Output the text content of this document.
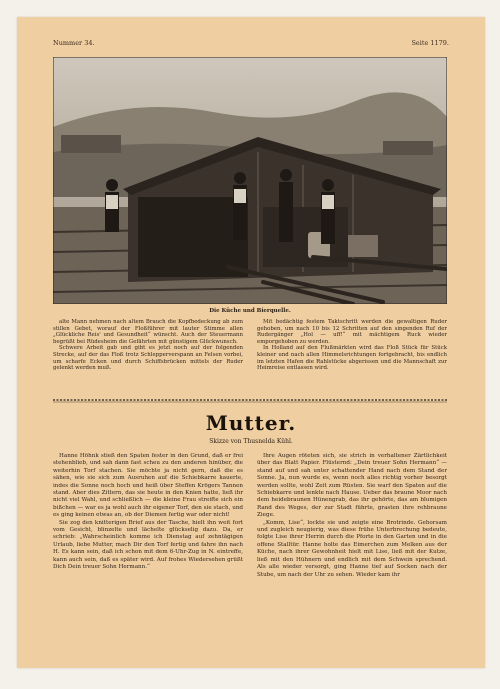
Nummer 34.	Seite 1179.
Die Küche und Bierquelle.

alte Mann nehmen nach altem Brauch die Kopfbedeckung ab zum stillen Gebet, worauf der Floßführer mit lauter Stimme allen „Glückliche Reis' und Gesundheit“ wünscht. Auch der Steuermann begrüßt bei Rüdesheim die Gefährten mit günstigem Glückwunsch.

Schwere Arbeit gab und gibt es jetzt noch auf der folgenden Strecke, auf der das Floß trotz Schlepperverspann an Felsen vorbei, um scharfe Ecken und durch Schiffsbrücken mittels der Ruder gelenkt werden muß.

Mit bedächtig festem Taktschritt werden die gewaltigen Ruder gehoben, um nach 10 bis 12 Schritten auf den singenden Ruf der Rudergänger „Hol — uff!“ mit mächtigem Ruck wieder emporgehoben zu werden.

In Holland auf den Flußmärkten wird das Floß Stück für Stück kleiner und nach allen Himmelsrichtungen fortgebracht, bis endlich im letzten Hafen die Rahlstücke abgerissen und die Mannschaft zur Heimreise entlassen wird.

Mutter.
Skizze von Thusnelda Kühl.

Hanne Höhnk stieß den Spaten fester in den Grund, daß er frei stehenblieb, und sah dann fast scheu zu den anderen hinüber, die weiterhin Torf stachen. Sie möchte ja nicht gern, daß die es sähen, wie sie sich zum Ausruhen auf die Schiebkarre kauerte, indes die Sonne noch hoch und heiß über Steffen Krögers Tannen stand. Aber dies Zittern, das sie heute in den Knien hatte, ließ ihr nicht viel Wahl, und schließlich — die kleine Frau streifte sich ein bißchen — war es ja wohl auch ihr eigener Torf, den sie stach, und es ging keinen etwas an, ob der Diemen fertig war oder nicht!

Sie zog den knitterigen Brief aus der Tasche, hielt ihn weit fort vom Gesicht, blinzelte und lächelte glückselig dazu. Da, er schrieb: „Wahrscheinlich komme ich Dienstag auf zehntägigen Urlaub, liebe Mutter, mach Dir den Torf fertig und fahre ihn nach H. Es kann sein, daß ich schon mit dem 6-Uhr-Zug in N. eintreffe, kann auch sein, daß es später wird. Auf frohes Wiedersehen grüßt Dich Dein treuer Sohn Hermann.“

Ihre Augen röteten sich, sie strich in verhaltener Zärtlichkeit über das Blatt Papier. Flüsternd: „Dein treuer Sohn Hermann“ — stand auf und sah unter schattender Hand nach dem Stand der Sonne. Ja, nun wurde es, wenn noch alles richtig vorher besorgt werden sollte, wohl Zeit zum Rüsten. Sie warf den Spaten auf die Schiebkarre und lenkte nach Hause. Ueber das braune Moor nach dem heidebraunen Hünengrab, das ihr gehörte, das am blumigen Rand des Weges, der zur Stadt führte, grasten ihre rehbraune Ziege.

„Komm, Lise“, lockte sie und zeigte eine Brotrinde. Gehorsam und zugleich neugierig, was diese frühe Unterbrechung bedeute, folgte Lise ihrer Herrin durch die Pforte in den Garten und in die offene Stalltür. Hanne holte das Eimerchen zum Melken aus der Küche, nach ihrer Gewohnheit hielt mit Lise, ließ mit der Kutze, ließ mit den Hühnern und endlich mit dem Schwein sprechend. Als alle wieder versorgt, ging Hanne tief auf Socken nach der Stube, um nach der Uhr zu sehen. Wieder kam ihr
